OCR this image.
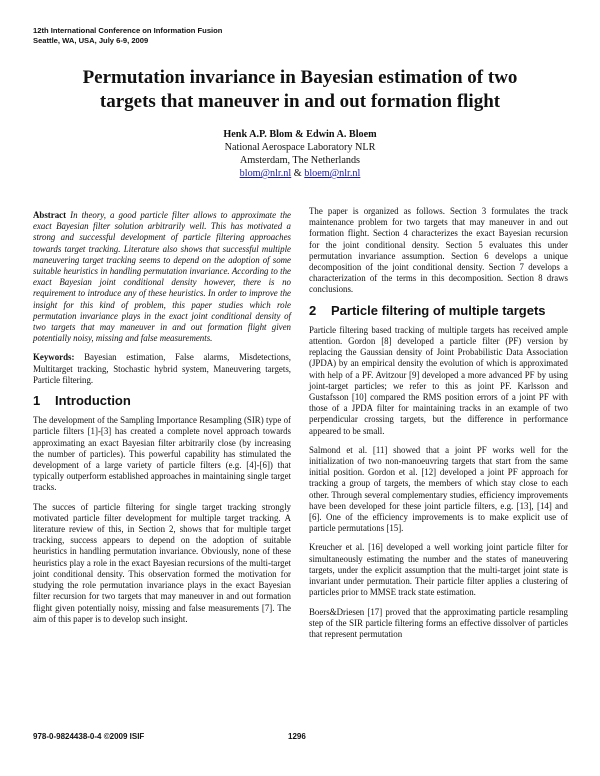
12th International Conference on Information Fusion
Seattle, WA, USA, July 6-9, 2009
Permutation invariance in Bayesian estimation of two targets that maneuver in and out formation flight
Henk A.P. Blom & Edwin A. Bloem
National Aerospace Laboratory NLR
Amsterdam, The Netherlands
blom@nlr.nl & bloem@nlr.nl

Abstract In theory, a good particle filter allows to approximate the exact Bayesian filter solution arbitrarily well. This has motivated a strong and successful development of particle filtering approaches towards target tracking. Literature also shows that successful multiple maneuvering target tracking seems to depend on the adoption of some suitable heuristics in handling permutation invariance. According to the exact Bayesian joint conditional density however, there is no requirement to introduce any of these heuristics. In order to improve the insight for this kind of problem, this paper studies which role permutation invariance plays in the exact joint conditional density of two targets that may maneuver in and out formation flight given potentially noisy, missing and false measurements.

Keywords: Bayesian estimation, False alarms, Misdetections, Multitarget tracking, Stochastic hybrid system, Maneuvering targets, Particle filtering.

1 Introduction

The development of the Sampling Importance Resampling (SIR) type of particle filters [1]-[3] has created a complete novel approach towards approximating an exact Bayesian filter arbitrarily close (by increasing the number of particles). This powerful capability has stimulated the development of a large variety of particle filters (e.g. [4]-[6]) that typically outperform established approaches in maintaining single target tracks.

The succes of particle filtering for single target tracking strongly motivated particle filter development for multiple target tracking. A literature review of this, in Section 2, shows that for multiple target tracking, success appears to depend on the adoption of suitable heuristics in handling permutation invariance. Obviously, none of these heuristics play a role in the exact Bayesian recursions of the multi-target joint conditional density. This observation formed the motivation for studying the role permutation invariance plays in the exact Bayesian filter recursion for two targets that may maneuver in and out formation flight given potentially noisy, missing and false measurements [7]. The aim of this paper is to develop such insight.

The paper is organized as follows. Section 3 formulates the track maintenance problem for two targets that may maneuver in and out formation flight. Section 4 characterizes the exact Bayesian recursion for the joint conditional density. Section 5 evaluates this under permutation invariance assumption. Section 6 develops a unique decomposition of the joint conditional density. Section 7 develops a characterization of the terms in this decomposition. Section 8 draws conclusions.

2 Particle filtering of multiple targets

Particle filtering based tracking of multiple targets has received ample attention. Gordon [8] developed a particle filter (PF) version by replacing the Gaussian density of Joint Probabilistic Data Association (JPDA) by an empirical density the evolution of which is approximated with help of a PF. Avitzour [9] developed a more advanced PF by using joint-target particles; we refer to this as joint PF. Karlsson and Gustafsson [10] compared the RMS position errors of a joint PF with those of a JPDA filter for maintaining tracks in an example of two perpendicular crossing targets, but the difference in performance appeared to be small.

Salmond et al. [11] showed that a joint PF works well for the initialization of two non-manoeuvring targets that start from the same initial position. Gordon et al. [12] developed a joint PF approach for tracking a group of targets, the members of which stay close to each other. Through several complementary studies, efficiency improvements have been developed for these joint particle filters, e.g. [13], [14] and [6]. One of the efficiency improvements is to make explicit use of particle permutations [15].

Kreucher et al. [16] developed a well working joint particle filter for simultaneously estimating the number and the states of maneuvering targets, under the explicit assumption that the multi-target joint state is invariant under permutation. Their particle filter applies a clustering of particles prior to MMSE track state estimation.

Boers&Driesen [17] proved that the approximating particle resampling step of the SIR particle filtering forms an effective dissolver of particles that represent permutation

978-0-9824438-0-4 ©2009 ISIF	1296
